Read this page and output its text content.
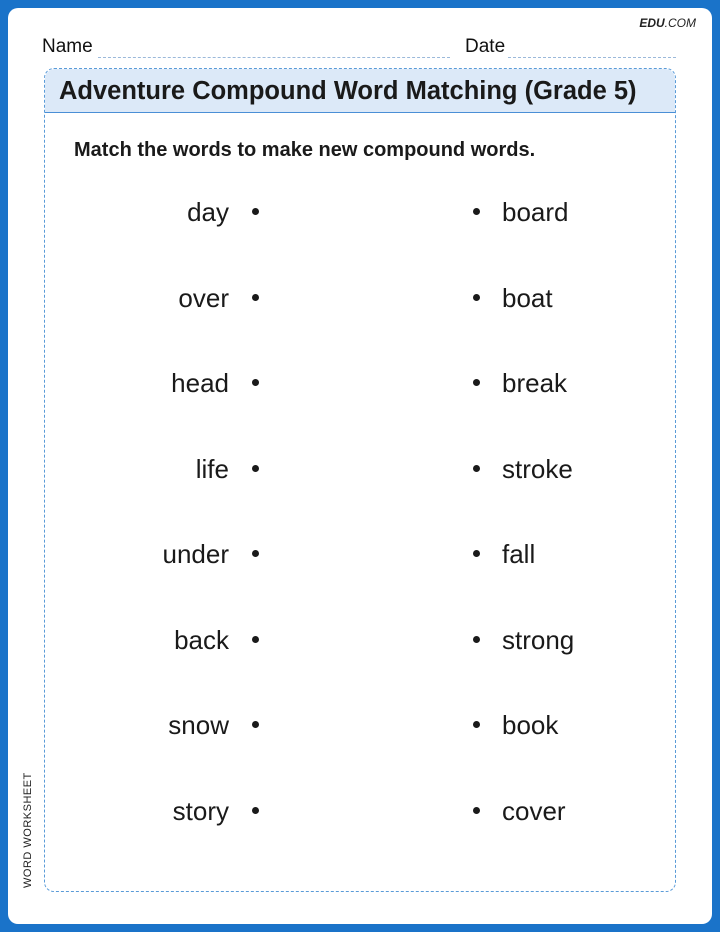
EDU.COM
Name	Date
Adventure Compound Word Matching (Grade 5)
Match the words to make new compound words.
day	board
over	boat
head	break
life	stroke
under	fall
back	strong
snow	book
story	cover
WORD WORKSHEET
